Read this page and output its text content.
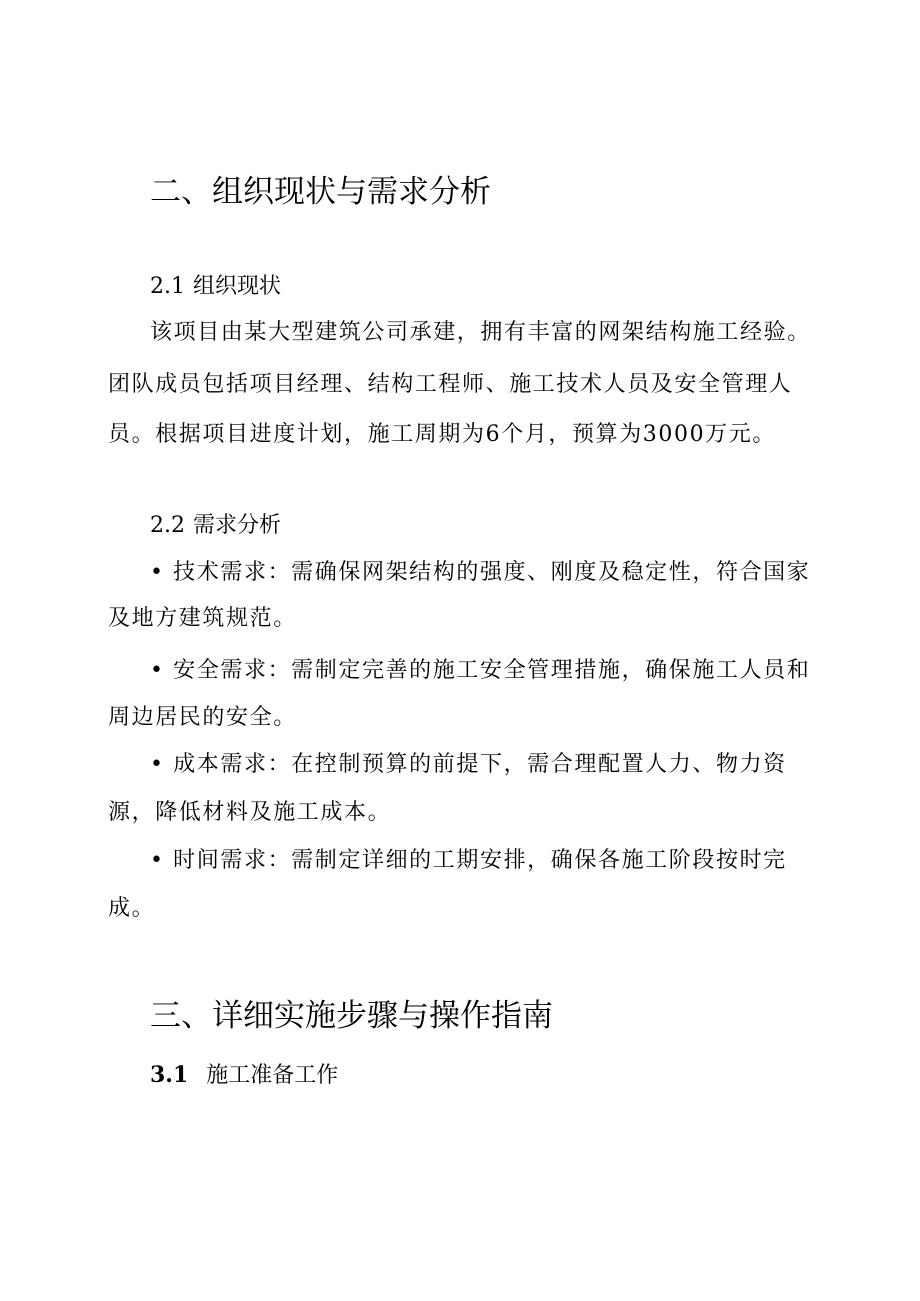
二、组织现状与需求分析
2.1 组织现状
该项目由某大型建筑公司承建，拥有丰富的网架结构施工经验。
团队成员包括项目经理、结构工程师、施工技术人员及安全管理人
员。根据项目进度计划，施工周期为6个月，预算为3000万元。
2.2 需求分析
• 技术需求：需确保网架结构的强度、刚度及稳定性，符合国家
及地方建筑规范。
• 安全需求：需制定完善的施工安全管理措施，确保施工人员和
周边居民的安全。
• 成本需求：在控制预算的前提下，需合理配置人力、物力资
源，降低材料及施工成本。
• 时间需求：需制定详细的工期安排，确保各施工阶段按时完
成。
三、详细实施步骤与操作指南
3.1 施工准备工作
